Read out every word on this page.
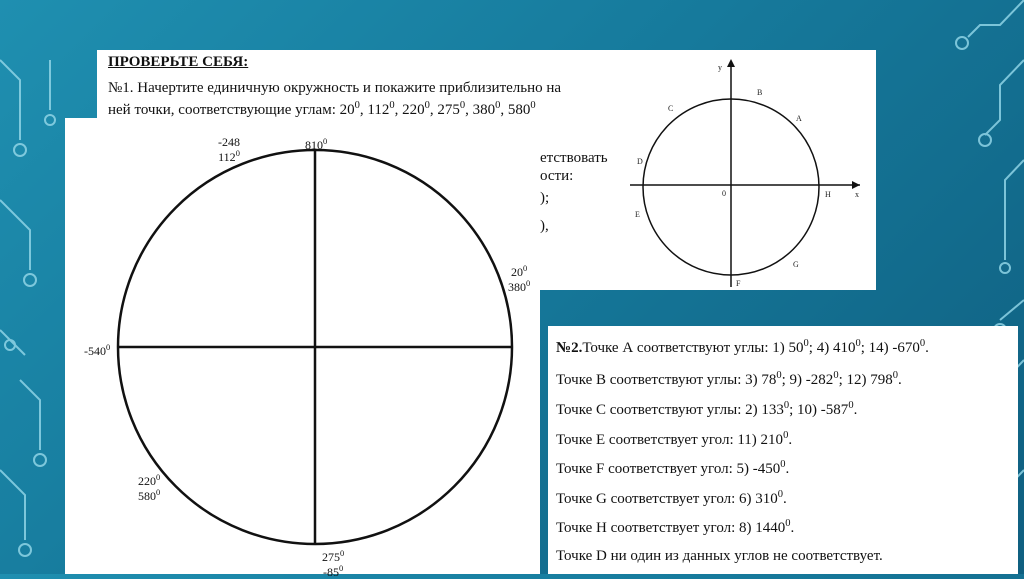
ПРОВЕРЬТЕ СЕБЯ:
№1. Начертите единичную окружность и покажите приблизительно на
ней точки, соответствующие углам: $20^0$, $112^0$, $220^0$, $275^0$, $380^0$, $580^0$
етствовать
ости:
);
),
y
x
0
A
B
C
D
E
F
G
H
$810^0$
-248
$112^0$
$20^0$
$380^0$
$-540^0$
$220^0$
$580^0$
$275^0$
$-85^0$
№2.Точке А соответствуют углы: 1) $50^0$; 4) $410^0$; 14) $-670^0$.
Точке В соответствуют углы: 3) $78^0$; 9) $-282^0$; 12) $798^0$.
Точке С соответствуют углы: 2) $133^0$; 10) $-587^0$.
Точке Е соответствует угол: 11) $210^0$.
Точке F соответствует угол: 5) $-450^0$.
Точке G соответствует угол: 6) $310^0$.
Точке Н соответствует угол: 8) 1440$^0$.
Точке D ни один из данных углов не соответствует.
